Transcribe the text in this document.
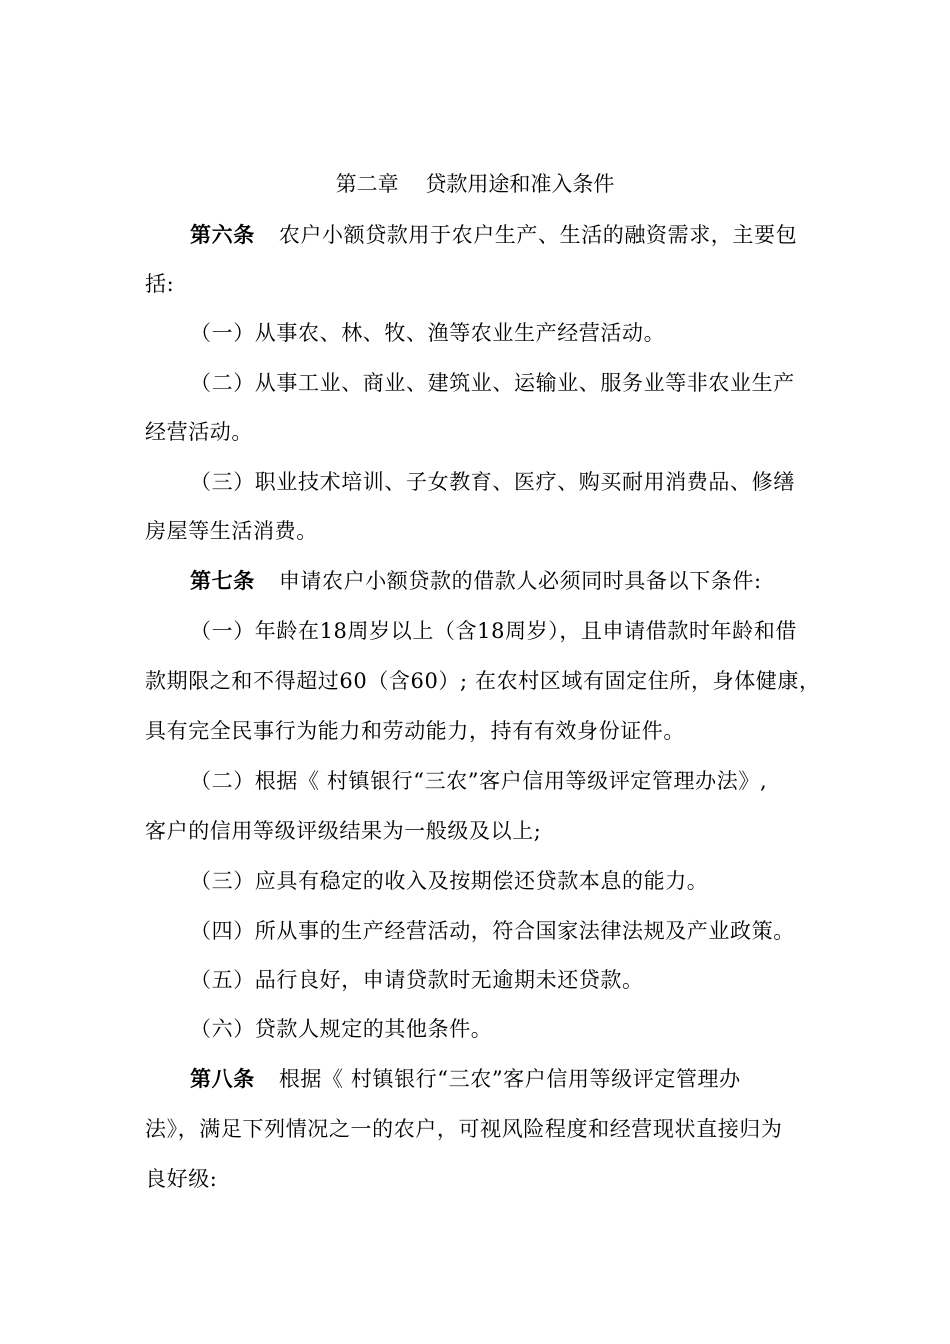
第二章    贷款用途和准入条件
第六条 农户小额贷款用于农户生产、生活的融资需求，主要包
括:
（一）从事农、林、牧、渔等农业生产经营活动。
（二）从事工业、商业、建筑业、运输业、服务业等非农业生产
经营活动。
（三）职业技术培训、子女教育、医疗、购买耐用消费品、修缮
房屋等生活消费。
第七条 申请农户小额贷款的借款人必须同时具备以下条件:
（一）年龄在18周岁以上（含18周岁），且申请借款时年龄和借
款期限之和不得超过60（含60）; 在农村区域有固定住所，身体健康，
具有完全民事行为能力和劳动能力，持有有效身份证件。
（二）根据《 村镇银行“三农”客户信用等级评定管理办法》,
客户的信用等级评级结果为一般级及以上;
（三）应具有稳定的收入及按期偿还贷款本息的能力。
（四）所从事的生产经营活动，符合国家法律法规及产业政策。
（五）品行良好，申请贷款时无逾期未还贷款。
（六）贷款人规定的其他条件。
第八条 根据《 村镇银行“三农”客户信用等级评定管理办
法》，满足下列情况之一的农户，可视风险程度和经营现状直接归为
良好级:
